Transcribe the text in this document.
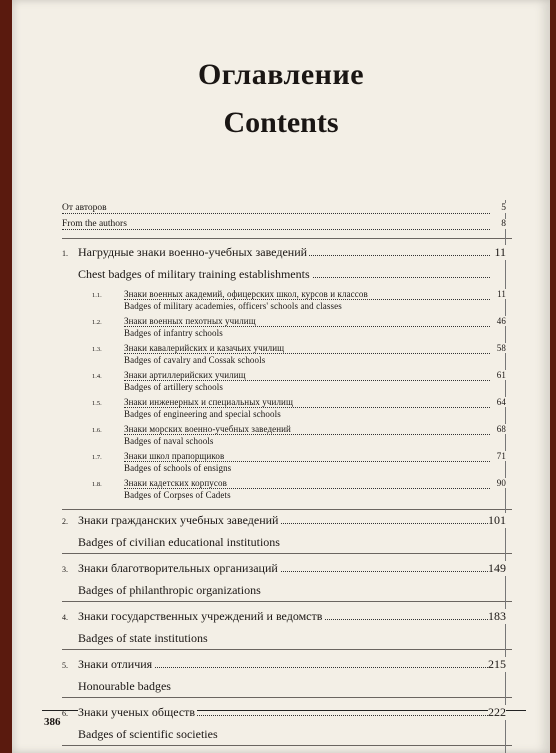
Оглавление
Contents
386
От авторов	5
From the authors	8
1. Нагрудные знаки военно-учебных заведений	11
Chest badges of military training establishments
1.1. Знаки военных академий, офицерских школ, курсов и классов	11
Badges of military academies, officers' schools and classes
1.2. Знаки военных пехотных училищ	46
Badges of infantry schools
1.3. Знаки кавалерийских и казачьих училищ	58
Badges of cavalry and Cossak schools
1.4. Знаки артиллерийских училищ	61
Badges of artillery schools
1.5. Знаки инженерных и специальных училищ	64
Badges of engineering and special schools
1.6. Знаки морских военно-учебных заведений	68
Badges of naval schools
1.7. Знаки школ прапорщиков	71
Badges of schools of ensigns
1.8. Знаки кадетских корпусов	90
Badges of Corpses of Cadets
2. Знаки гражданских учебных заведений	101
Badges of civilian educational institutions
3. Знаки благотворительных организаций	149
Badges of philanthropic organizations
4. Знаки государственных учреждений и ведомств	183
Badges of state institutions
5. Знаки отличия	215
Honourable badges
6. Знаки ученых обществ	222
Badges of scientific societies
